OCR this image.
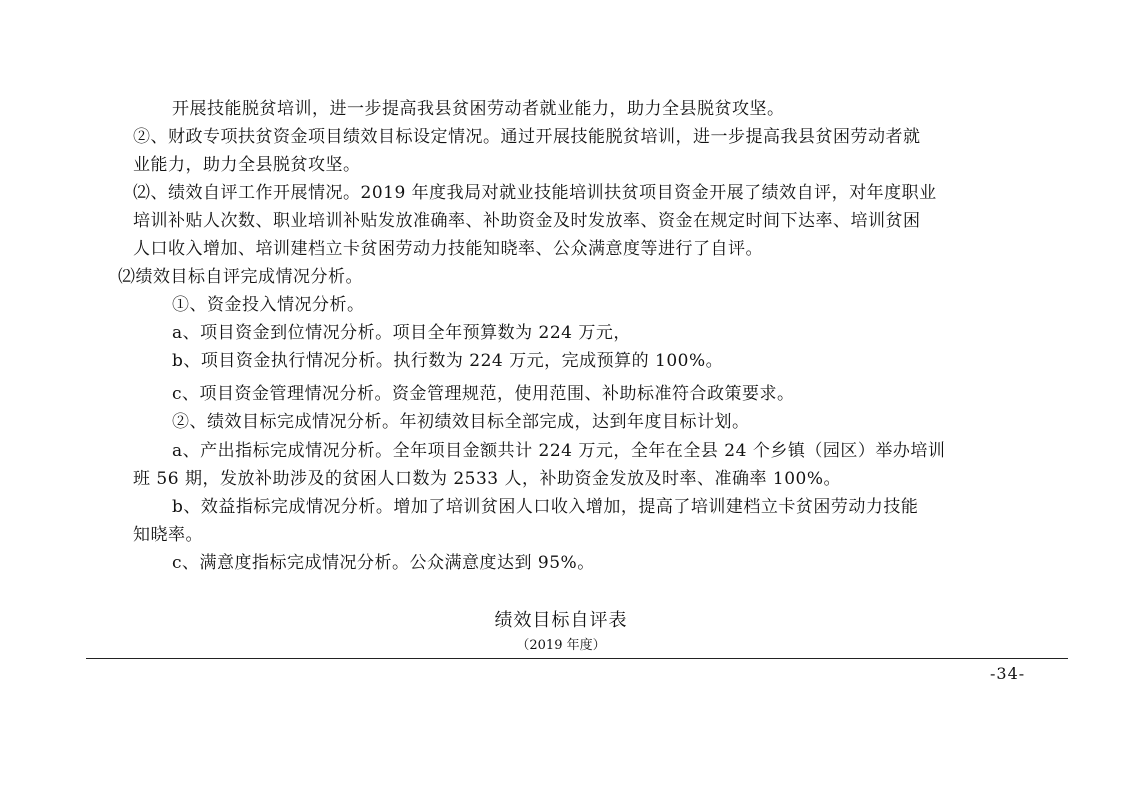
开展技能脱贫培训，进一步提高我县贫困劳动者就业能力，助力全县脱贫攻坚。
②、财政专项扶贫资金项目绩效目标设定情况。通过开展技能脱贫培训，进一步提高我县贫困劳动者就
业能力，助力全县脱贫攻坚。
⑵、绩效自评工作开展情况。2019 年度我局对就业技能培训扶贫项目资金开展了绩效自评，对年度职业
培训补贴人次数、职业培训补贴发放准确率、补助资金及时发放率、资金在规定时间下达率、培训贫困
人口收入增加、培训建档立卡贫困劳动力技能知晓率、公众满意度等进行了自评。
⑵绩效目标自评完成情况分析。
①、资金投入情况分析。
a、项目资金到位情况分析。项目全年预算数为 224 万元，
b、项目资金执行情况分析。执行数为 224 万元，完成预算的 100%。
c、项目资金管理情况分析。资金管理规范，使用范围、补助标准符合政策要求。
②、绩效目标完成情况分析。年初绩效目标全部完成，达到年度目标计划。
a、产出指标完成情况分析。全年项目金额共计 224 万元，全年在全县 24 个乡镇（园区）举办培训
班 56 期，发放补助涉及的贫困人口数为 2533 人，补助资金发放及时率、准确率 100%。
b、效益指标完成情况分析。增加了培训贫困人口收入增加，提高了培训建档立卡贫困劳动力技能
知晓率。
c、满意度指标完成情况分析。公众满意度达到 95%。
绩效目标自评表
（2019 年度）
-34-
